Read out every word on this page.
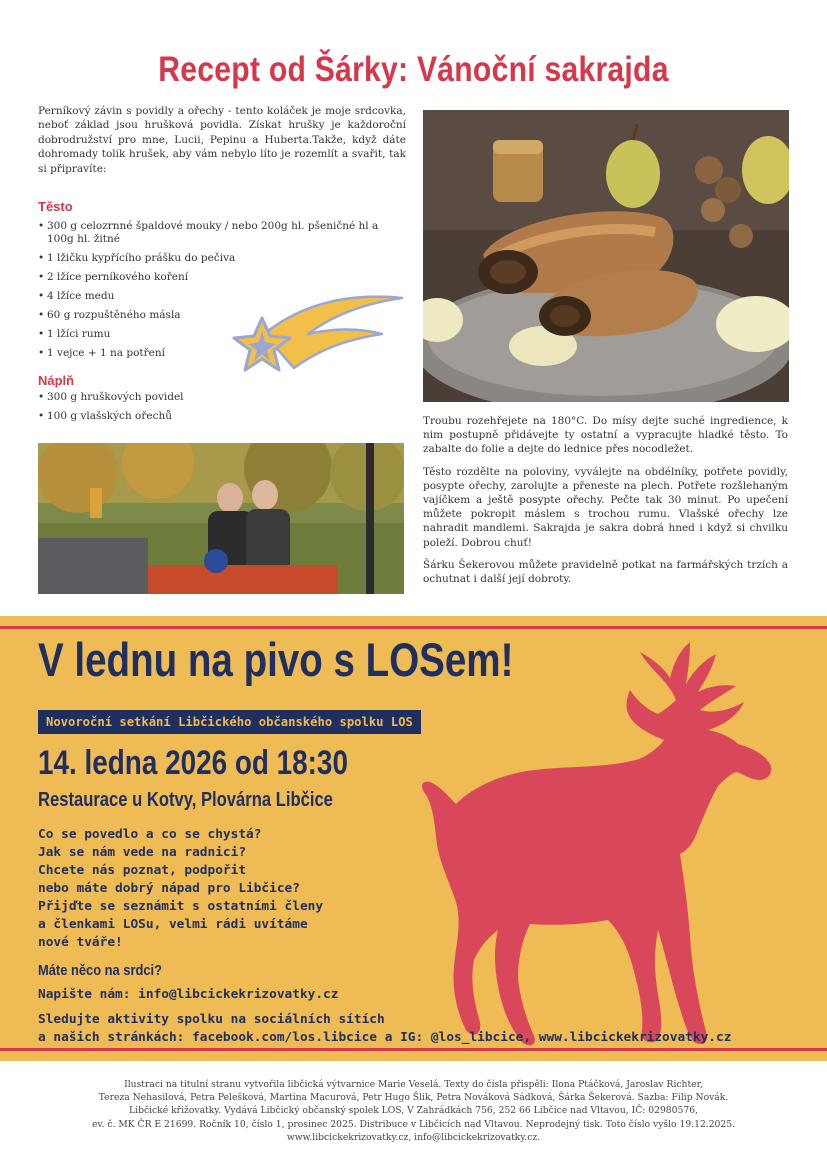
Recept od Šárky: Vánoční sakrajda

Perníkový závin s povidly a ořechy - tento koláček je moje srdcovka, neboť základ jsou hrušková povidla. Získat hrušky je každoroční dobrodružství pro mne, Lucii, Pepinu a Huberta.Takže, když dáte dohromady tolik hrušek, aby vám nebylo líto je rozemlít a svařit, tak si připravíte:

Těsto
• 300 g celozrnné špaldové mouky / nebo 200g hl. pšeničné hl a 100g hl. žitné
• 1 lžičku kypřícího prášku do pečiva
• 2 lžíce perníkového koření
• 4 lžíce medu
• 60 g rozpuštěného másla
• 1 lžíci rumu
• 1 vejce + 1 na potření
Náplň
• 300 g hruškových povidel
• 100 g vlašských ořechů	Troubu rozehřejete na 180°C. Do mísy dejte suché ingredience, k nim postupně přidávejte ty ostatní a vypracujte hladké těsto. To zabalte do folie a dejte do lednice přes nocodležet.

Těsto rozdělte na poloviny, vyválejte na obdélníky, potřete povidly, posypte ořechy, zarolujte a přeneste na plech. Potřete rozšlehaným vajíčkem a ještě posypte ořechy. Pečte tak 30 minut. Po upečení můžete pokropit máslem s trochou rumu. Vlašské ořechy lze nahradit mandlemi. Sakrajda je sakra dobrá hned i když si chvilku poleží. Dobrou chuť!

Šárku Šekerovou můžete pravidelně potkat na farmářských trzích a ochutnat i další její dobroty.

V lednu na pivo s LOSem!
Novoroční setkání Libčického občanského spolku LOS
14. ledna 2026 od 18:30
Restaurace u Kotvy, Plovárna Libčice
Co se povedlo a co se chystá?
Jak se nám vede na radnici?
Chcete nás poznat, podpořit
nebo máte dobrý nápad pro Libčice?
Přijďte se seznámit s ostatními členy
a členkami LOSu, velmi rádi uvítáme
nové tváře!
Máte něco na srdci?
Napište nám: info@libcickekrizovatky.cz
Sledujte aktivity spolku na sociálních sítích
a našich stránkách: facebook.com/los.libcice a IG: @los_libcice, www.libcickekrizovatky.cz
Ilustraci na titulní stranu vytvořila libčická výtvarnice Marie Veselá. Texty do čísla přispěli: Ilona Ptáčková, Jaroslav Richter,
Tereza Nehasilová, Petra Pelešková, Martina Macurová, Petr Hugo Šlik, Petra Nováková Sádková, Šárka Šekerová. Sazba: Filip Novák.
Libčické křižovatky. Vydává Libčický občanský spolek LOS, V Zahrádkách 756, 252 66 Libčice nad Vltavou, IČ: 02980576,
ev. č. MK ČR E 21699. Ročník 10, číslo 1, prosinec 2025. Distribuce v Libčicích nad Vltavou. Neprodejný tisk. Toto číslo vyšlo 19.12.2025.
www.libcickekrizovatky.cz, info@libcickekrizovatky.cz.
